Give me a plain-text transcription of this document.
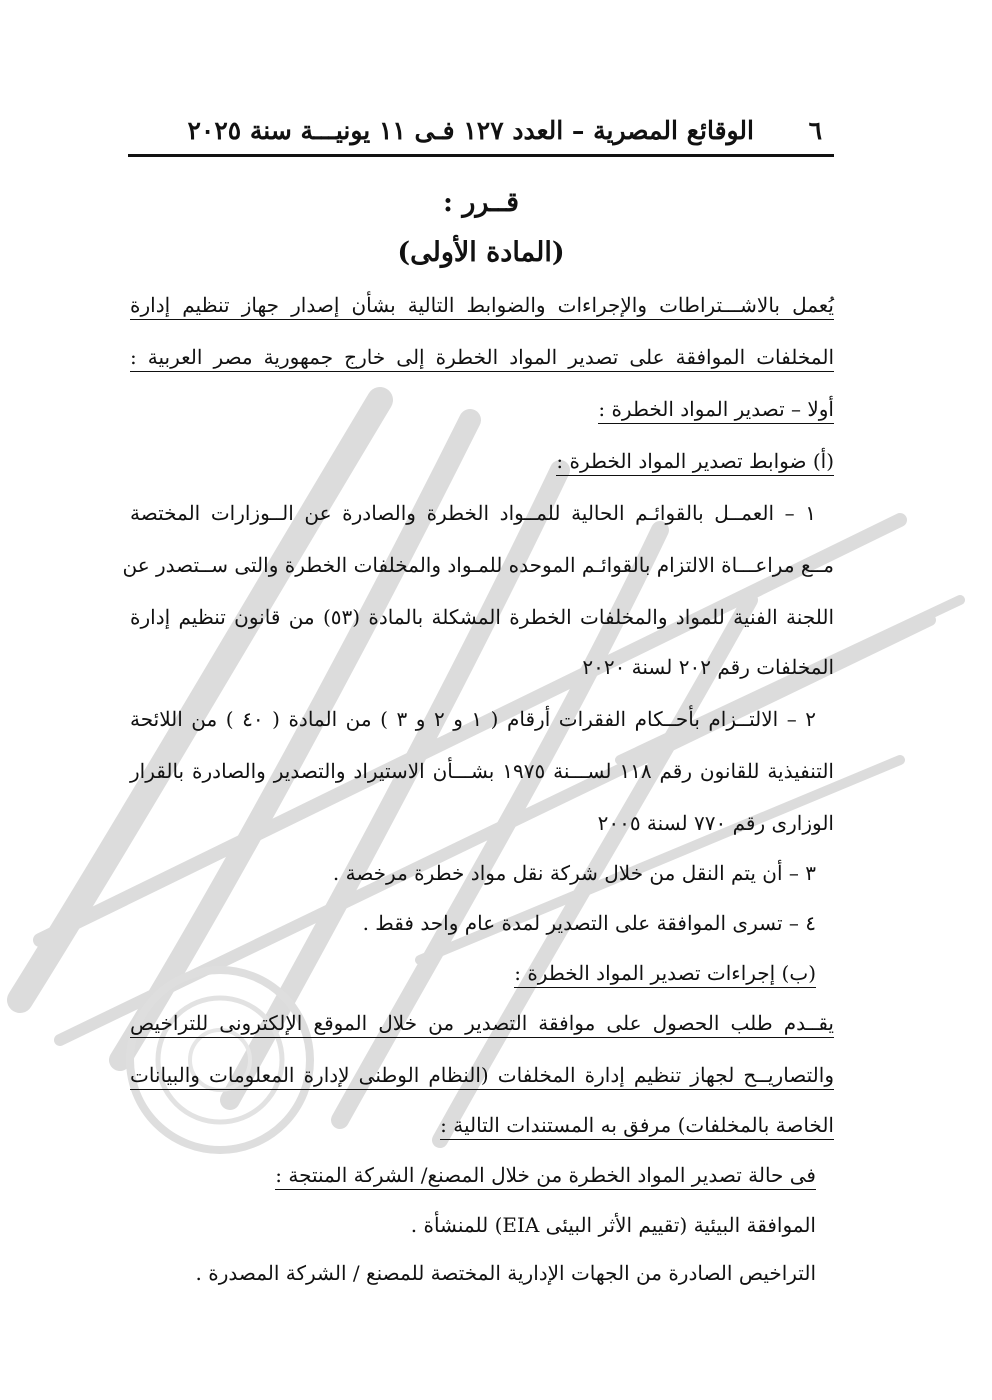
٦
الوقائع المصرية – العدد ١٢٧ فـى ١١ يونيـــة سنة ٢٠٢٥
قــرر :
(المادة الأولى)
يُعمل بالاشـــتراطات والإجراءات والضوابط التالية بشأن إصدار جهاز تنظيم إدارة
المخلفات الموافقة على تصدير المواد الخطرة إلى خارج جمهورية مصر العربية :
أولا – تصدير المواد الخطرة :
(أ) ضوابط تصدير المواد الخطرة :
١ – العمــل بالقوائـم الحالية للمــواد الخطرة والصادرة عن الــوزارات المختصة
مــع مراعـــاة الالتزام بالقوائـم الموحده للمـواد والمخلفات الخطرة والتى ســتصدر عن
اللجنة الفنية للمواد والمخلفات الخطرة المشكلة بالمادة (٥٣) من قانون تنظيم إدارة
المخلفات رقم ٢٠٢ لسنة ٢٠٢٠
٢ – الالتــزام بأحــكام الفقرات أرقام ( ١ و ٢ و ٣ ) من المادة ( ٤٠ ) من اللائحة
التنفيذية للقانون رقم ١١٨ لســـنة ١٩٧٥ بشـــأن الاستيراد والتصدير والصادرة بالقرار
الوزارى رقم ٧٧٠ لسنة ٢٠٠٥
٣ – أن يتم النقل من خلال شركة نقل مواد خطرة مرخصة .
٤ – تسرى الموافقة على التصدير لمدة عام واحد فقط .
(ب) إجراءات تصدير المواد الخطرة :
يقــدم طلب الحصول على موافقة التصدير من خلال الموقع الإلكترونى للتراخيص
والتصاريــح لجهاز تنظيم إدارة المخلفات (النظام الوطنى لإدارة المعلومات والبيانات
الخاصة بالمخلفات) مرفق به المستندات التالية :
فى حالة تصدير المواد الخطرة من خلال المصنع/ الشركة المنتجة :
الموافقة البيئية (تقييم الأثر البيئى EIA) للمنشأة .
التراخيص الصادرة من الجهات الإدارية المختصة للمصنع / الشركة المصدرة .
